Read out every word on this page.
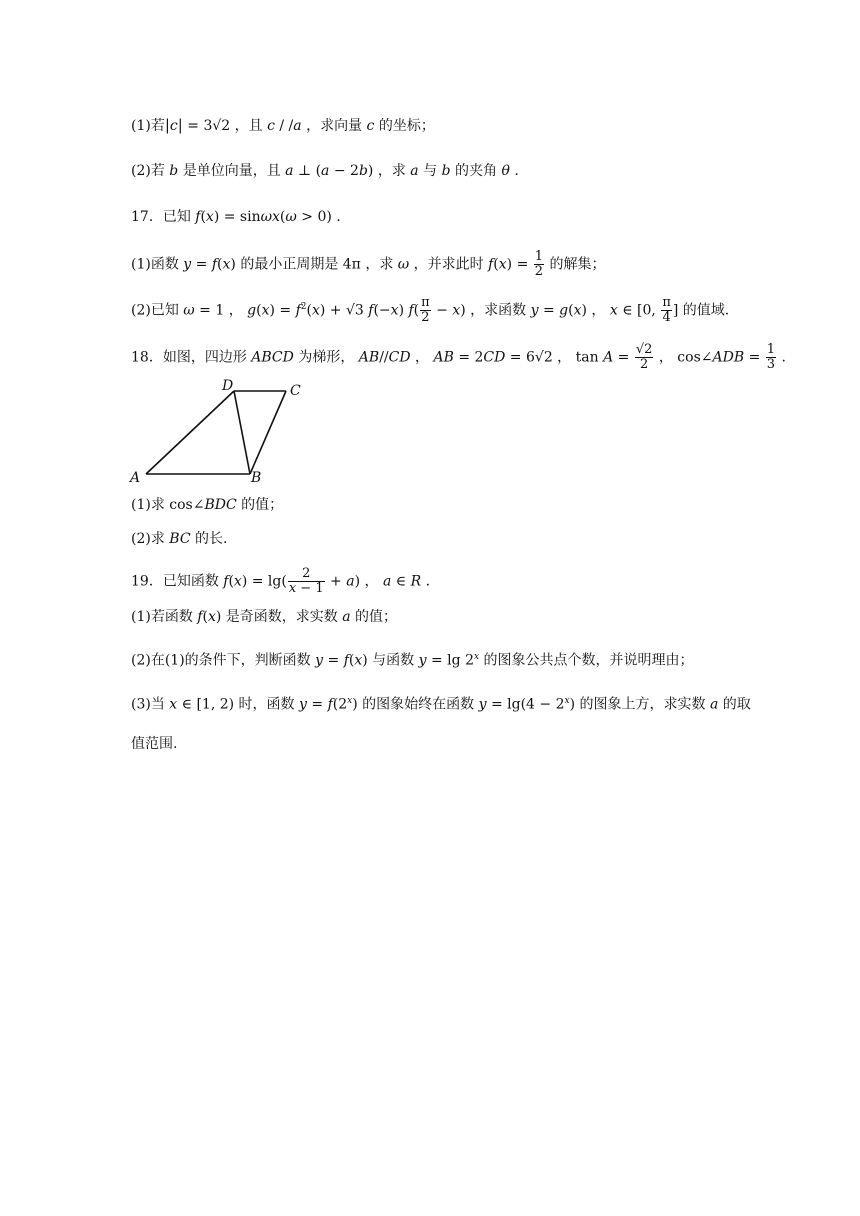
(1)若|c| = 3√2 ，且 c / /a ，求向量 c 的坐标；
(2)若 b 是单位向量，且 a ⊥ (a − 2b) ，求 a 与 b 的夹角 θ .
17．已知 f(x) = sinωx(ω > 0) .
(1)函数 y = f(x) 的最小正周期是 4π ，求 ω ，并求此时 $f(x) = \frac{1}{2}$ 的解集；
(2)已知 ω = 1 ， $g(x) = f^2(x) + √3$ f(−x) $f( \frac{\pi}{2} - x)$ ，求函数 y = g(x) ， x ∈ [0, $\frac{\pi}{4}$ ] 的值域.
18．如图，四边形 ABCD 为梯形， AB//CD ， AB = 2CD = 6√2 ， $\tan A = \frac{√2}{2}$ ， cos∠ADB = $\frac{1}{3}$ .
A	B
C
D
(1)求 cos∠BDC 的值；
(2)求 BC 的长.
19．已知函数 $f(x) = \lg( \frac{2}{x - 1} + a)$ ， a ∈ R .
(1)若函数 f(x) 是奇函数，求实数 a 的值；
(2)在(1)的条件下，判断函数 y = f(x) 与函数 y = lg 2$^x$ 的图象公共点个数，并说明理由；
(3)当 x ∈ [1, 2) 时，函数 $y = f(2^x)$ 的图象始终在函数 $y = \lg(4 - 2^x)$ 的图象上方，求实数 a 的取
值范围.
